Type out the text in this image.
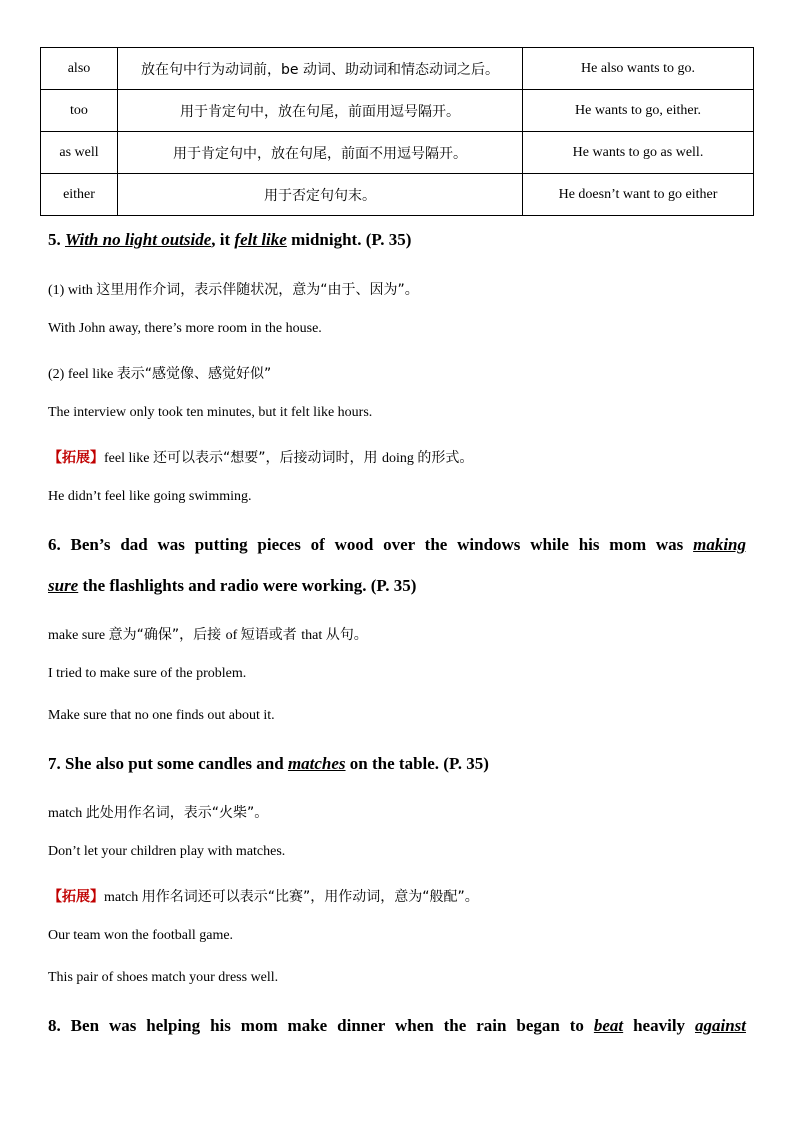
also	放在句中行为动词前，be 动词、助动词和情态动词之后。	He also wants to go.
too	用于肯定句中，放在句尾，前面用逗号隔开。	He wants to go, either.
as well	用于肯定句中，放在句尾，前面不用逗号隔开。	He wants to go as well.
either	用于否定句句末。	He doesn’t want to go either
5. With no light outside, it felt like midnight. (P. 35)
(1) with 这里用作介词，表示伴随状况，意为“由于、因为”。
With John away, there’s more room in the house.
(2) feel like 表示“感觉像、感觉好似”
The interview only took ten minutes, but it felt like hours.
【拓展】feel like 还可以表示“想要”，后接动词时，用 doing 的形式。
He didn’t feel like going swimming.
6. Ben’s dad was putting pieces of wood over the windows while his mom was making
sure the flashlights and radio were working. (P. 35)
make sure 意为“确保”，后接 of 短语或者 that 从句。
I tried to make sure of the problem.
Make sure that no one finds out about it.
7. She also put some candles and matches on the table. (P. 35)
match 此处用作名词，表示“火柴”。
Don’t let your children play with matches.
【拓展】match 用作名词还可以表示“比赛”，用作动词，意为“般配”。
Our team won the football game.
This pair of shoes match your dress well.
8. Ben was helping his mom make dinner when the rain began to beat heavily against
